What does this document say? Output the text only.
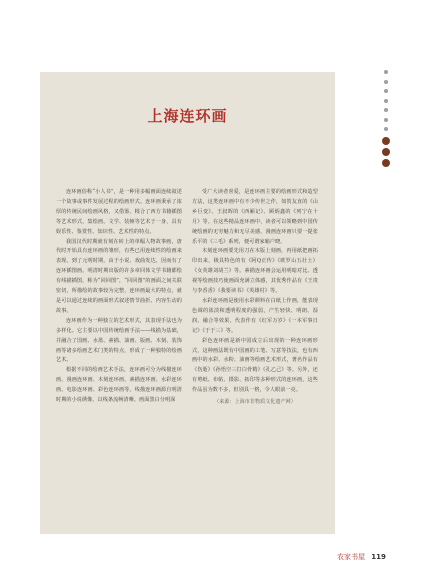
上海连环画

连环画俗称“小人书”，是一种用多幅画面连续叙述一个故事或事件发展过程的绘画形式。连环画秉承了浓厚的传统民间绘画风格，又借鉴、糅合了西方书籍插图等艺术形式，集绘画、文学、装帧等艺术于一身，具有娱乐性、鉴赏性、知识性、艺术性的特点。

我国汉代时期就有刻在砖上的单幅人物故事画，唐代时开始具有连环画的雏形，有些已用连续性的绘画来表现。到了元明时期，由于小说、戏曲发达，因而有了连环插图画。明清时期出版的许多章回体文学书籍都绘有线描插图，称为“回回图”，“回回图”的画面之间关联密切，所描绘的故事较为完整，连环画最大的特点，就是可以通过连续的画面形式叙述情节曲折、内容生动的故事。

连环画作为一种独立的艺术形式，其表现手法也为多样化。它主要以中国传统绘画手法——线描为基础，并融合了国画、水墨、素描、油画、版画、木刻、装饰画等诸多绘画艺术门类的特点，形成了一种独特的绘画艺术。

根据不同的绘画艺术手法，连环画可分为线描连环画、漫画连环画、木刻连环画、素描连环画、水彩连环画、电影连环画、彩色连环画等。线描连环画源自明清时期的小说绣像，以线条流畅清晰、画面黑白分明深

受广大读者喜爱，是连环画主要的绘画形式和造型方法，这类连环画中有不少传世之作，如贺友直的《山乡巨变》、王叔晖的《西厢记》、顾炳鑫的《列宁在十月》等。在这些精品连环画中，读者可以领略到中国传统绘画的无穷魅力和无尽美感。漫画连环画只要一提张乐平的《三毛》系列，便可谓家喻户晓。

木刻连环画要先用刀在木版上刻画，再用纸把画拓印出来，极具特色的有《阿Q正传》《欧罗山五壮士》《女英雄刘胡兰》等。素描连环画会运用明暗对比、透视等绘画技巧使画面充满立体感，其优秀作品有《王贵与李香香》《我要读书》《英雄村》等。

水彩连环画是使用水彩颜料在白纸上作画，能表现色调的浓淡和透明程度的强弱，产生轻快、明朗、湿润、融合等效果，代表作有《红军万岁》《一本军事日记》《于于三》等。

彩色连环画是新中国成立后出现的一种连环画形式，这种画法既有中国画的工笔、写意等技法，也有西画中的水彩、水粉、油画等绘画艺术形式，著名作品有《伤逝》《孙悟空三打白骨精》《孔乙己》等。另外，还有剪纸、布帖、摄影、拓印等多种形式的连环画，这些作品虽为数不多，但别具一格，令人眼前一亮。

（来源：上海市非物质文化遗产网）
农家书屋 119
